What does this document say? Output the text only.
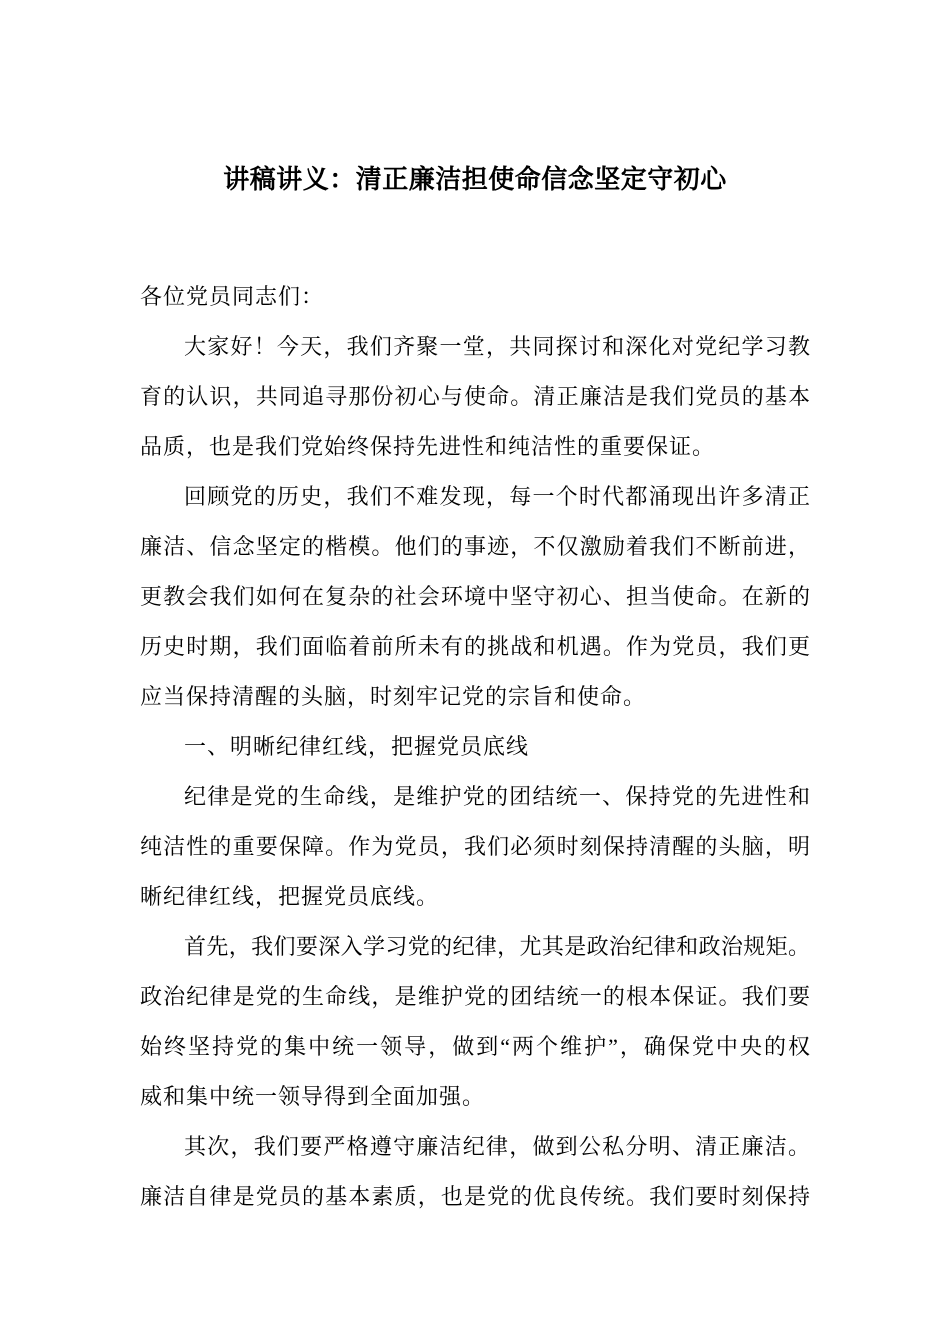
讲稿讲义：清正廉洁担使命信念坚定守初心
各位党员同志们：
大家好！今天，我们齐聚一堂，共同探讨和深化对党纪学习教
育的认识，共同追寻那份初心与使命。清正廉洁是我们党员的基本
品质，也是我们党始终保持先进性和纯洁性的重要保证。
回顾党的历史，我们不难发现，每一个时代都涌现出许多清正
廉洁、信念坚定的楷模。他们的事迹，不仅激励着我们不断前进，
更教会我们如何在复杂的社会环境中坚守初心、担当使命。在新的
历史时期，我们面临着前所未有的挑战和机遇。作为党员，我们更
应当保持清醒的头脑，时刻牢记党的宗旨和使命。
一、明晰纪律红线，把握党员底线
纪律是党的生命线，是维护党的团结统一、保持党的先进性和
纯洁性的重要保障。作为党员，我们必须时刻保持清醒的头脑，明
晰纪律红线，把握党员底线。
首先，我们要深入学习党的纪律，尤其是政治纪律和政治规矩。
政治纪律是党的生命线，是维护党的团结统一的根本保证。我们要
始终坚持党的集中统一领导，做到“两个维护”，确保党中央的权
威和集中统一领导得到全面加强。
其次，我们要严格遵守廉洁纪律，做到公私分明、清正廉洁。
廉洁自律是党员的基本素质，也是党的优良传统。我们要时刻保持
